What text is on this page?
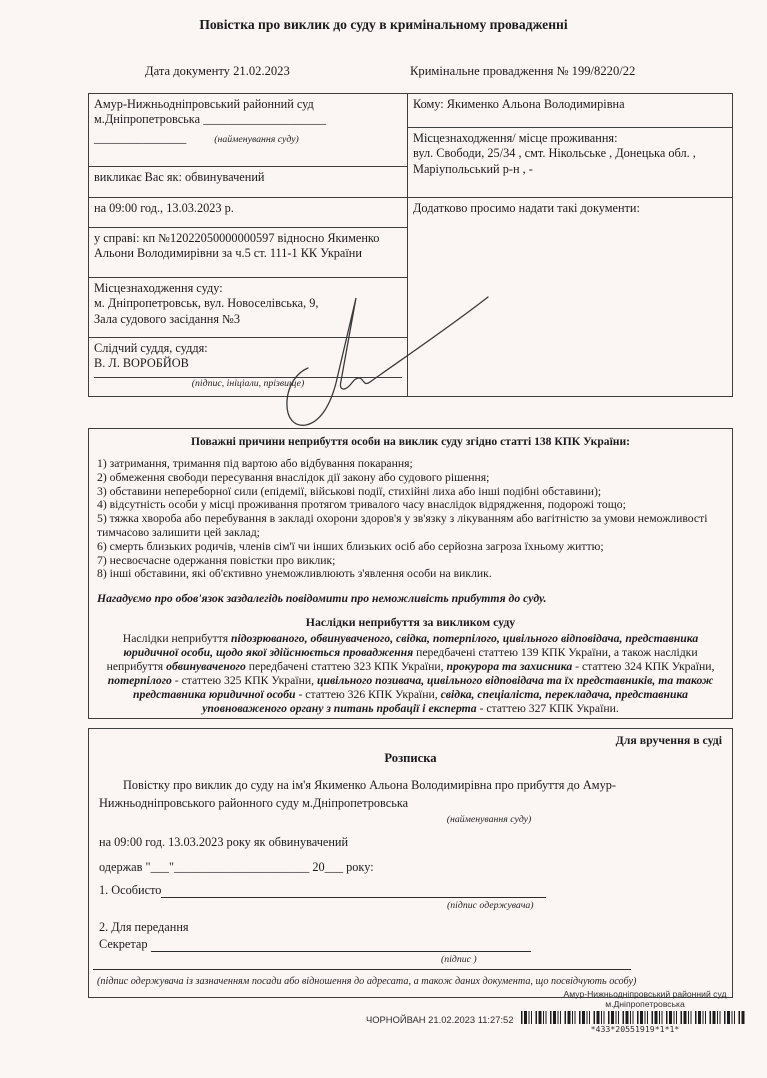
Повістка про виклик до суду в кримінальному провадженні
Дата документу 21.02.2023	Кримінальне провадження № 199/8220/22
Амур-Нижньодніпровський районний суд
м.Дніпропетровська ____________________
_______________	(найменування суду)
викликає Вас як: обвинувачений
на 09:00 год., 13.03.2023 р.
у справі: кп №12022050000000597 відносно Якименко Альони Володимирівни за ч.5 ст. 111-1 КК України
Місцезнаходження суду:
м. Дніпропетровськ, вул. Новоселівська, 9,
Зала судового засідання №3
Слідчий суддя, суддя:
В. Л. ВОРОБЙОВ
(підпис, ініціали, прізвище)
Кому: Якименко Альона Володимирівна
Місцезнаходження/ місце проживання:
вул. Свободи, 25/34 , смт. Нікольське , Донецька обл. ,
Маріупольський р-н , -
Додатково просимо надати такі документи:
Поважні причини неприбуття особи на виклик суду згідно статті 138 КПК України:
1) затримання, тримання під вартою або відбування покарання;
2) обмеження свободи пересування внаслідок дії закону або судового рішення;
3) обставини непереборної сили (епідемії, військові події, стихійні лиха або інші подібні обставини);
4) відсутність особи у місці проживання протягом тривалого часу внаслідок відрядження, подорожі тощо;
5) тяжка хвороба або перебування в закладі охорони здоров'я у зв'язку з лікуванням або вагітністю за умови неможливості тимчасово залишити цей заклад;
6) смерть близьких родичів, членів сім'ї чи інших близьких осіб або серйозна загроза їхньому життю;
7) несвоєчасне одержання повістки про виклик;
8) інші обставини, які об'єктивно унеможливлюють з'явлення особи на виклик.
Нагадуємо про обов'язок заздалегідь повідомити про неможливість прибуття до суду.
Наслідки неприбуття за викликом суду
Наслідки неприбуття підозрюваного, обвинуваченого, свідка, потерпілого, цивільного відповідача, представника юридичної особи, щодо якої здійснюється провадження передбачені статтею 139 КПК України, а також наслідки неприбуття обвинуваченого передбачені статтею 323 КПК України, прокурора та захисника - статтею 324 КПК України, потерпілого - статтею 325 КПК України, цивільного позивача, цивільного відповідача та їх представників, та також представника юридичної особи - статтею 326 КПК України, свідка, спеціаліста, перекладача, представника уповноваженого органу з питань пробації і експерта - статтею 327 КПК України.
Для вручення в суді
Розписка
Повістку про виклик до суду на ім'я Якименко Альона Володимирівна про прибуття до Амур-
Нижньодніпровського районного суду м.Дніпропетровська
(найменування суду)
на 09:00 год. 13.03.2023 року як обвинувачений
одержав "___"______________________ 20___ року:
1. Особисто
(підпис одержувача)
2. Для передання
Секретар
(підпис )
(підпис одержувача із зазначенням посади або відношення до адресата, а також даних документа, що посвідчують особу)
Амур-Нижньодніпровський районний суд
м.Дніпропетровська
ЧОРНОЙВАН 21.02.2023 11:27:52
*433*20551919*1*1*
